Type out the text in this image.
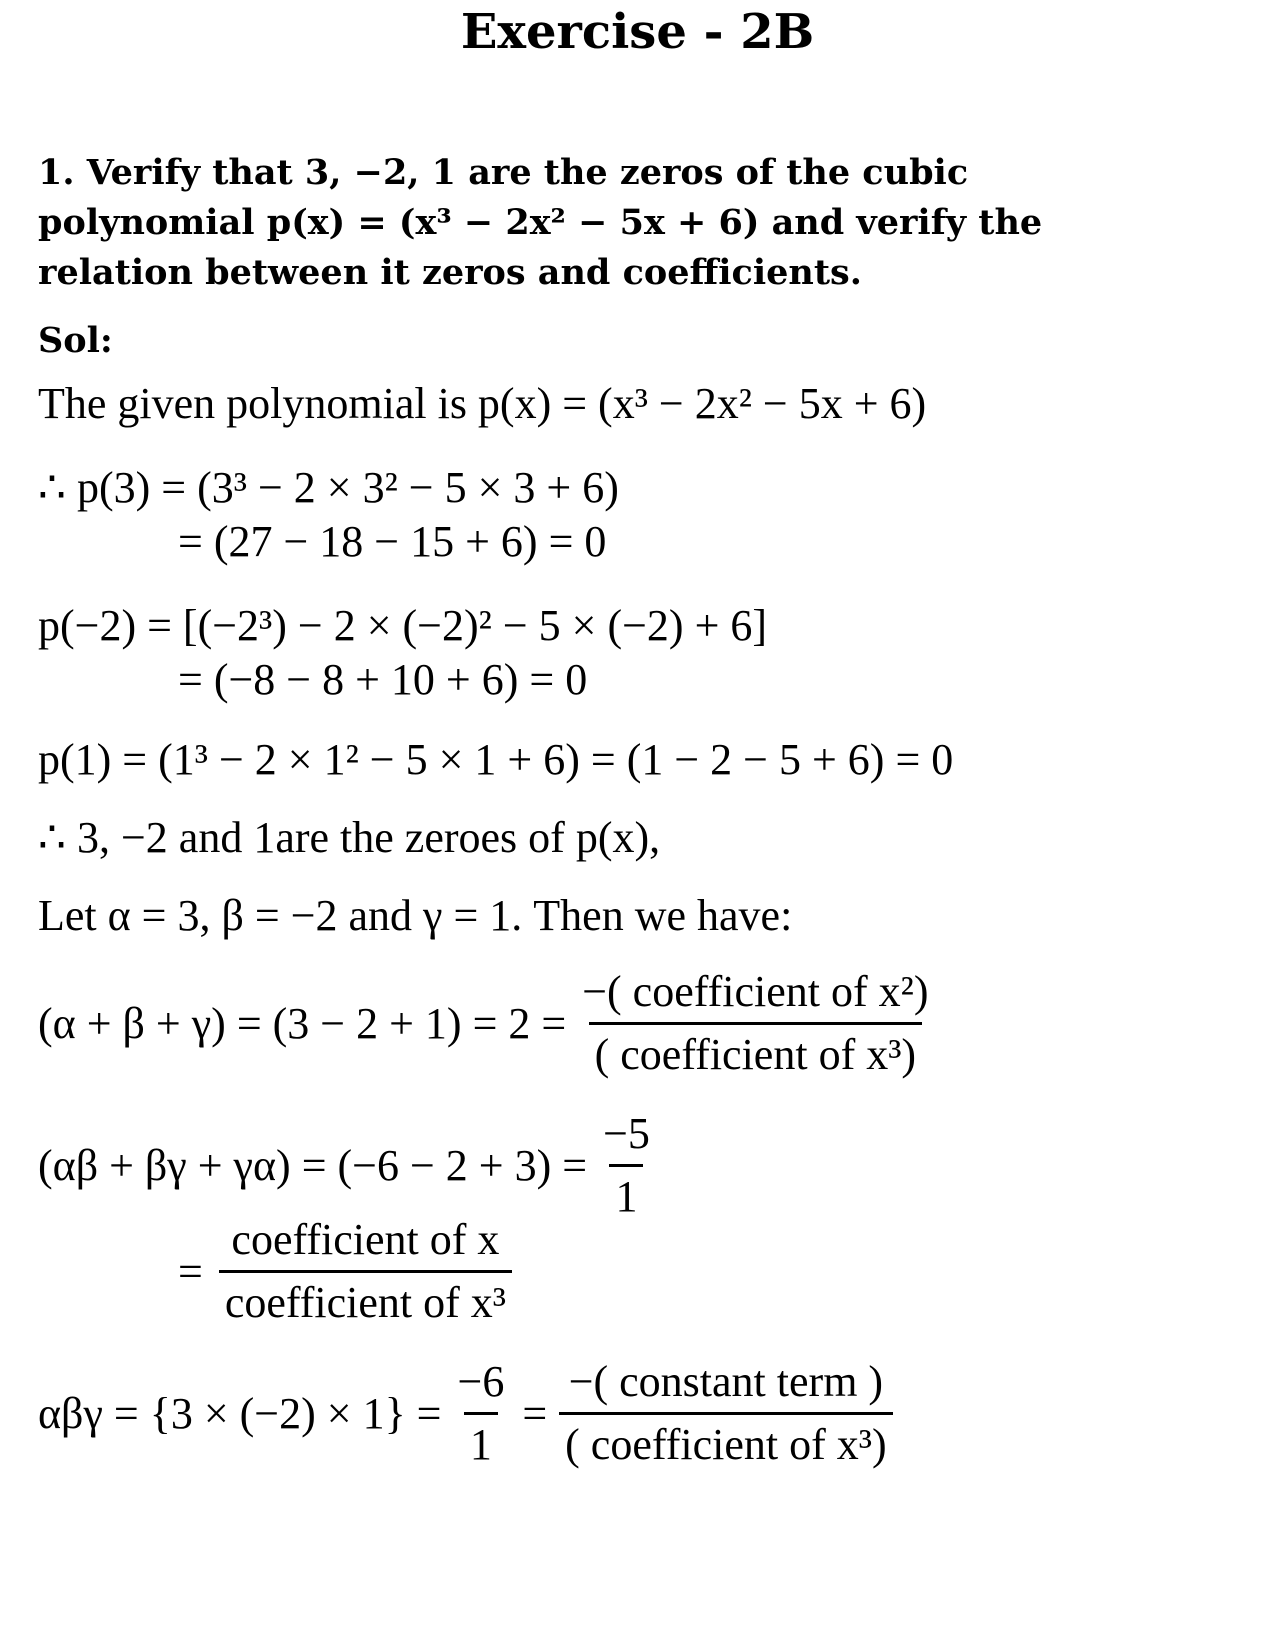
Exercise - 2B
1. Verify that 3, −2, 1 are the zeros of the cubic
polynomial p(x) = (x³ − 2x² − 5x + 6) and verify the
relation between it zeros and coefficients.
Sol:
The given polynomial is p(x) = (x³ − 2x² − 5x + 6)
∴ p(3) = (3³ − 2 × 3² − 5 × 3 + 6)
= (27 − 18 − 15 + 6) = 0
p(−2) = [(−2³) − 2 × (−2)² − 5 × (−2) + 6]
= (−8 − 8 + 10 + 6) = 0
p(1) = (1³ − 2 × 1² − 5 × 1 + 6) = (1 − 2 − 5 + 6) = 0
∴ 3, −2 and 1are the zeroes of p(x),
Let α = 3, β = −2 and γ = 1. Then we have:
$(\alpha + \beta + \gamma) = (3 - 2 + 1) = 2 = \frac{\text{−( coefficient of x²)}}{\text{( coefficient of x³)}}$
$(\alpha\beta + \beta\gamma + \gamma\alpha) = (-6 - 2 + 3) = \frac{-5}{1}$
= $\frac{\text{coefficient of x}}{\text{coefficient of x³}}$
$\alpha\beta\gamma = \{3 \times (-2) \times 1\} = \frac{-6}{1} = \frac{\text{−( constant term )}}{\text{( coefficient of x³)}}$
